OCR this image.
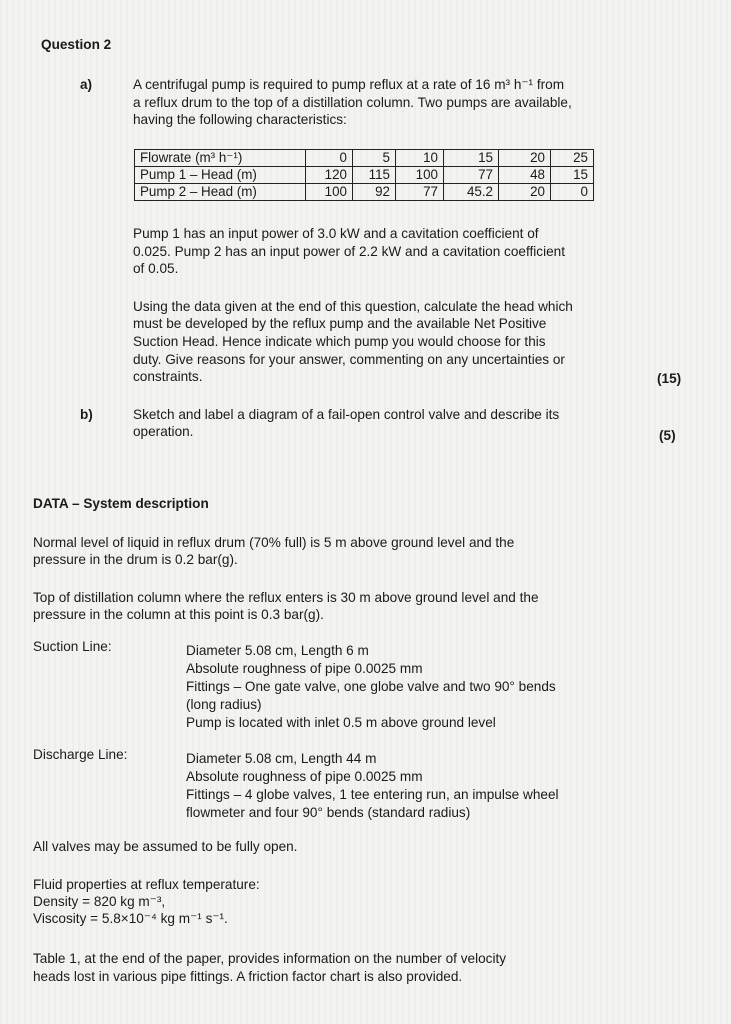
Question 2
a)	A centrifugal pump is required to pump reflux at a rate of 16 m³ h⁻¹ from
a reflux drum to the top of a distillation column. Two pumps are available,
having the following characteristics:
Flowrate (m³ h⁻¹)	0	5	10	15	20	25
Pump 1 – Head (m)	120	115	100	77	48	15
Pump 2 – Head (m)	100	92	77	45.2	20	0
Pump 1 has an input power of 3.0 kW and a cavitation coefficient of
0.025. Pump 2 has an input power of 2.2 kW and a cavitation coefficient
of 0.05.
Using the data given at the end of this question, calculate the head which
must be developed by the reflux pump and the available Net Positive
Suction Head. Hence indicate which pump you would choose for this
duty. Give reasons for your answer, commenting on any uncertainties or
constraints.	(15)
b)	Sketch and label a diagram of a fail-open control valve and describe its
operation.	(5)
DATA – System description
Normal level of liquid in reflux drum (70% full) is 5 m above ground level and the
pressure in the drum is 0.2 bar(g).
Top of distillation column where the reflux enters is 30 m above ground level and the
pressure in the column at this point is 0.3 bar(g).
Suction Line:	Diameter 5.08 cm, Length 6 m
Absolute roughness of pipe 0.0025 mm
Fittings – One gate valve, one globe valve and two 90° bends
(long radius)
Pump is located with inlet 0.5 m above ground level
Discharge Line:	Diameter 5.08 cm, Length 44 m
Absolute roughness of pipe 0.0025 mm
Fittings – 4 globe valves, 1 tee entering run, an impulse wheel
flowmeter and four 90° bends (standard radius)
All valves may be assumed to be fully open.
Fluid properties at reflux temperature:
Density = 820 kg m⁻³,
Viscosity = 5.8×10⁻⁴ kg m⁻¹ s⁻¹.
Table 1, at the end of the paper, provides information on the number of velocity
heads lost in various pipe fittings. A friction factor chart is also provided.
